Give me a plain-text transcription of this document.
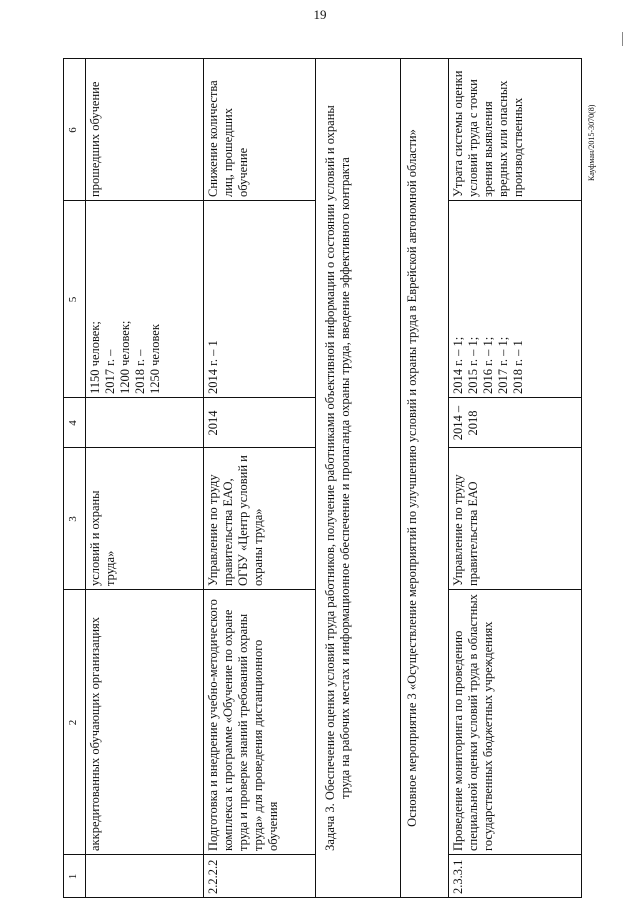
19
Кауфман/2015-3070(8)
1
2
3
4
5
6
аккредитованных обучающих организациях
условий и охраны труда»
1150 человек;
2017 г. –
1200 человек;
2018 г. –
1250 человек
прошедших обучение
2.2.2.2
Подготовка и внедрение учебно-методического комплекса к программе «Обучение по охране труда и проверке знаний требований охраны труда» для проведения дистанционного обучения
Управление по труду правительства ЕАО, ОГБУ «Центр условий и охраны труда»
2014
2014 г. – 1
Снижение количества лиц, прошедших обучение	Задача 3. Обеспечение оценки условий труда работников, получение работниками объективной информации о состоянии условий и охраны труда на рабочих местах и информационное обеспечение и пропаганда охраны труда, введение эффективного контракта	Основное мероприятие 3 «Осуществление мероприятий по улучшению условий и охраны труда в Еврейской автономной области»
2.3.3.1
Проведение мониторинга по проведению специальной оценки условий труда в областных государственных бюджетных учреждениях
Управление по труду правительства ЕАО
2014 –
2018
2014 г. – 1;
2015 г. – 1;
2016 г. – 1;
2017 г. – 1;
2018 г. – 1
Утрата системы оценки условий труда с точки зрения выявления вредных или опасных производственных
